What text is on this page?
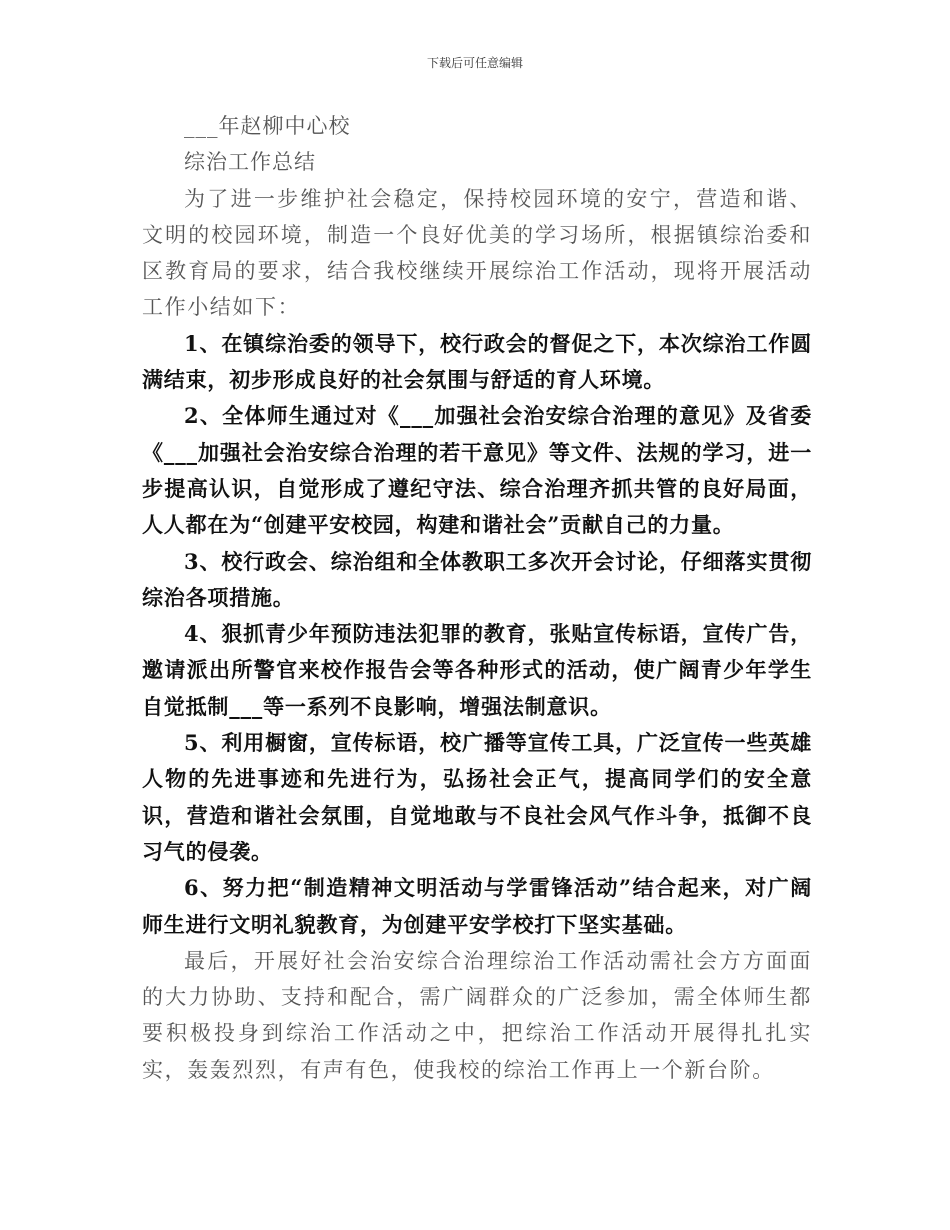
下载后可任意编辑

___年赵柳中心校

综治工作总结

为了进一步维护社会稳定，保持校园环境的安宁，营造和谐、文明的校园环境，制造一个良好优美的学习场所，根据镇综治委和区教育局的要求，结合我校继续开展综治工作活动，现将开展活动工作小结如下：

1、在镇综治委的领导下，校行政会的督促之下，本次综治工作圆满结束，初步形成良好的社会氛围与舒适的育人环境。

2、全体师生通过对《___加强社会治安综合治理的意见》及省委《___加强社会治安综合治理的若干意见》等文件、法规的学习，进一步提高认识，自觉形成了遵纪守法、综合治理齐抓共管的良好局面，人人都在为“创建平安校园，构建和谐社会”贡献自己的力量。

3、校行政会、综治组和全体教职工多次开会讨论，仔细落实贯彻综治各项措施。

4、狠抓青少年预防违法犯罪的教育，张贴宣传标语，宣传广告，邀请派出所警官来校作报告会等各种形式的活动，使广阔青少年学生自觉抵制___等一系列不良影响，增强法制意识。

5、利用橱窗，宣传标语，校广播等宣传工具，广泛宣传一些英雄人物的先进事迹和先进行为，弘扬社会正气，提高同学们的安全意识，营造和谐社会氛围，自觉地敢与不良社会风气作斗争，抵御不良习气的侵袭。

6、努力把“制造精神文明活动与学雷锋活动”结合起来，对广阔师生进行文明礼貌教育，为创建平安学校打下坚实基础。

最后，开展好社会治安综合治理综治工作活动需社会方方面面的大力协助、支持和配合，需广阔群众的广泛参加，需全体师生都要积极投身到综治工作活动之中，把综治工作活动开展得扎扎实实，轰轰烈烈，有声有色，使我校的综治工作再上一个新台阶。
